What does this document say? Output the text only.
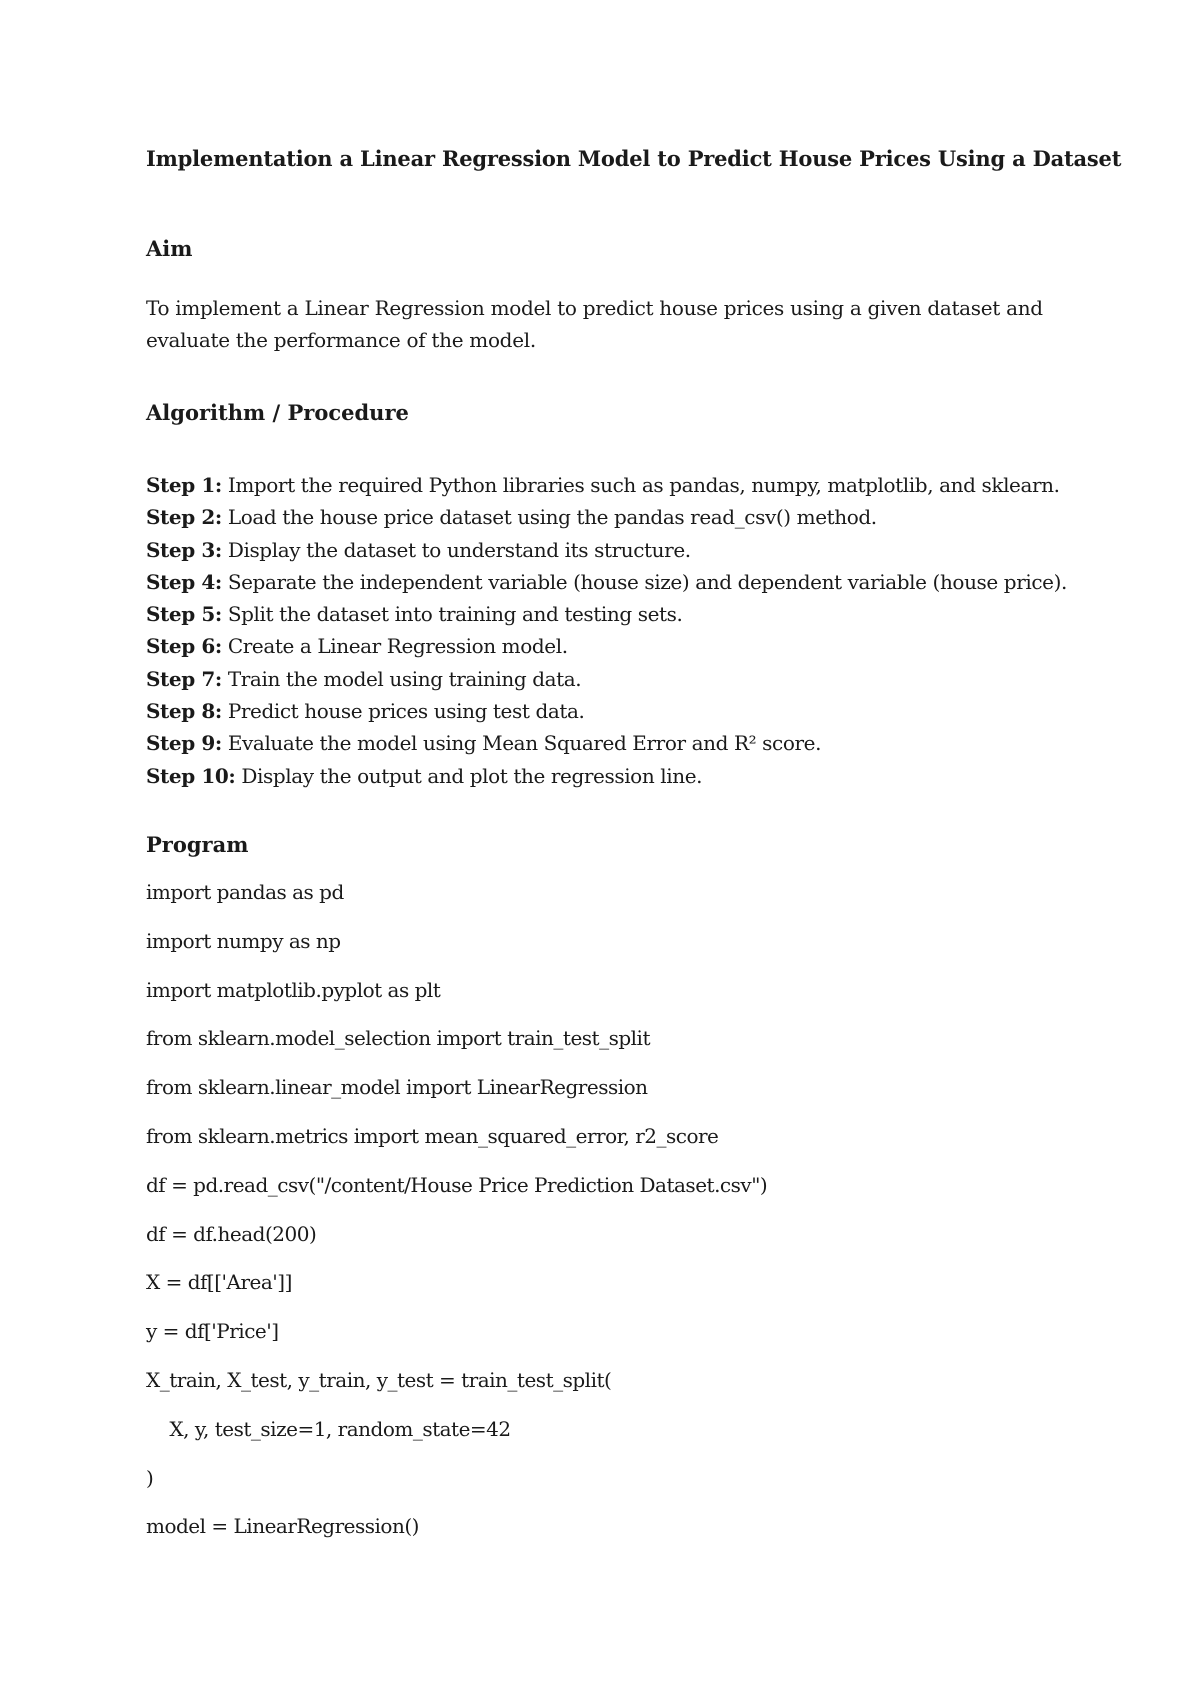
Implementation a Linear Regression Model to Predict House Prices Using a Dataset
Aim
To implement a Linear Regression model to predict house prices using a given dataset and evaluate the performance of the model.
Algorithm / Procedure
Step 1: Import the required Python libraries such as pandas, numpy, matplotlib, and sklearn.
Step 2: Load the house price dataset using the pandas read_csv() method.
Step 3: Display the dataset to understand its structure.
Step 4: Separate the independent variable (house size) and dependent variable (house price).
Step 5: Split the dataset into training and testing sets.
Step 6: Create a Linear Regression model.
Step 7: Train the model using training data.
Step 8: Predict house prices using test data.
Step 9: Evaluate the model using Mean Squared Error and R² score.
Step 10: Display the output and plot the regression line.
Program
import pandas as pd
import numpy as np
import matplotlib.pyplot as plt
from sklearn.model_selection import train_test_split
from sklearn.linear_model import LinearRegression
from sklearn.metrics import mean_squared_error, r2_score
df = pd.read_csv("/content/House Price Prediction Dataset.csv")
df = df.head(200)
X = df[['Area']]
y = df['Price']
X_train, X_test, y_train, y_test = train_test_split(
X, y, test_size=1, random_state=42
)
model = LinearRegression()
